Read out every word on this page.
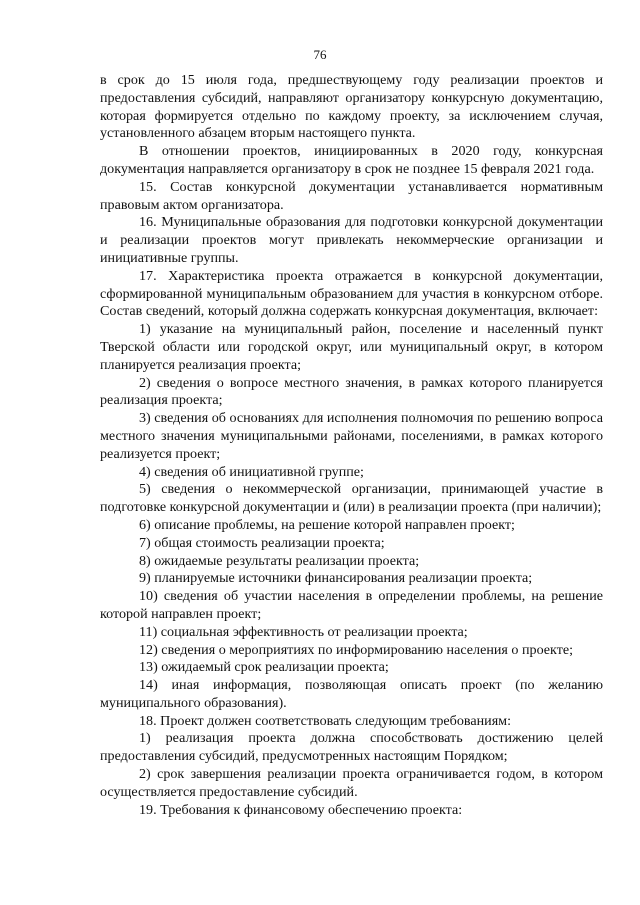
76

в срок до 15 июля года, предшествующему году реализации проектов и предоставления субсидий, направляют организатору конкурсную документацию, которая формируется отдельно по каждому проекту, за исключением случая, установленного абзацем вторым настоящего пункта.

В отношении проектов, инициированных в 2020 году, конкурсная документация направляется организатору в срок не позднее 15 февраля 2021 года.

15. Состав конкурсной документации устанавливается нормативным правовым актом организатора.

16. Муниципальные образования для подготовки конкурсной документации и реализации проектов могут привлекать некоммерческие организации и инициативные группы.

17. Характеристика проекта отражается в конкурсной документации, сформированной муниципальным образованием для участия в конкурсном отборе. Состав сведений, который должна содержать конкурсная документация, включает:

1) указание на муниципальный район, поселение и населенный пункт Тверской области или городской округ, или муниципальный округ, в котором планируется реализация проекта;

2) сведения о вопросе местного значения, в рамках которого планируется реализация проекта;

3) сведения об основаниях для исполнения полномочия по решению вопроса местного значения муниципальными районами, поселениями, в рамках которого реализуется проект;

4) сведения об инициативной группе;

5) сведения о некоммерческой организации, принимающей участие в подготовке конкурсной документации и (или) в реализации проекта (при наличии);

6) описание проблемы, на решение которой направлен проект;

7) общая стоимость реализации проекта;

8) ожидаемые результаты реализации проекта;

9) планируемые источники финансирования реализации проекта;

10) сведения об участии населения в определении проблемы, на решение которой направлен проект;

11) социальная эффективность от реализации проекта;

12) сведения о мероприятиях по информированию населения о проекте;

13) ожидаемый срок реализации проекта;

14) иная информация, позволяющая описать проект (по желанию муниципального образования).

18. Проект должен соответствовать следующим требованиям:

1) реализация проекта должна способствовать достижению целей предоставления субсидий, предусмотренных настоящим Порядком;

2) срок завершения реализации проекта ограничивается годом, в котором осуществляется предоставление субсидий.

19. Требования к финансовому обеспечению проекта:
